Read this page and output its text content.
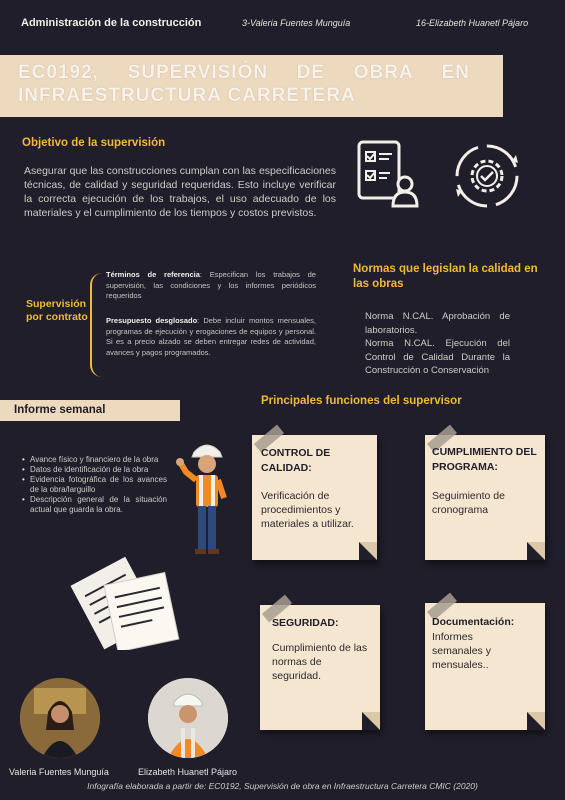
Administración de la construcción	3-Valeria Fuentes Munguía	16-Elizabeth Huanetl Pájaro
EC0192, SUPERVISIÓN DE OBRA EN INFRAESTRUCTURA CARRETERA
Objetivo de la supervisión
Asegurar que las construcciones cumplan con las especificaciones técnicas, de calidad y seguridad requeridas. Esto incluye verificar la correcta ejecución de los trabajos, el uso adecuado de los materiales y el cumplimiento de los tiempos y costos previstos.
Supervisión por contrato
Términos de referencia: Especifican los trabajos de supervisión, las condiciones y los informes periódicos requeridos
Presupuesto desglosado: Debe incluir montos mensuales, programas de ejecución y erogaciones de equipos y personal. Si es a precio alzado se deben entregar redes de actividad, avances y pagos programados.
Normas que legislan la calidad en las obras
Norma N.CAL. Aprobación de laboratorios.
Norma N.CAL. Ejecución del Control de Calidad Durante la Construcción o Conservación
Informe semanal
• Avance físico y financiero de la obra
• Datos de identificación de la obra
• Evidencia fotográfica de los avances de la obra/larguillo
• Descripción general de la situación actual que guarda la obra.
Principales funciones del supervisor
CONTROL DE CALIDAD:
Verificación de procedimientos y materiales a utilizar.
CUMPLIMIENTO DEL PROGRAMA:
Seguimiento de cronograma
SEGURIDAD:
Cumplimiento de las normas de seguridad.
Documentación:
Informes semanales y mensuales..
Valeria Fuentes Munguía	Elizabeth Huanetl Pájaro
Infografía elaborada a partir de: EC0192, Supervisión de obra en Infraestructura Carretera CMIC (2020)
